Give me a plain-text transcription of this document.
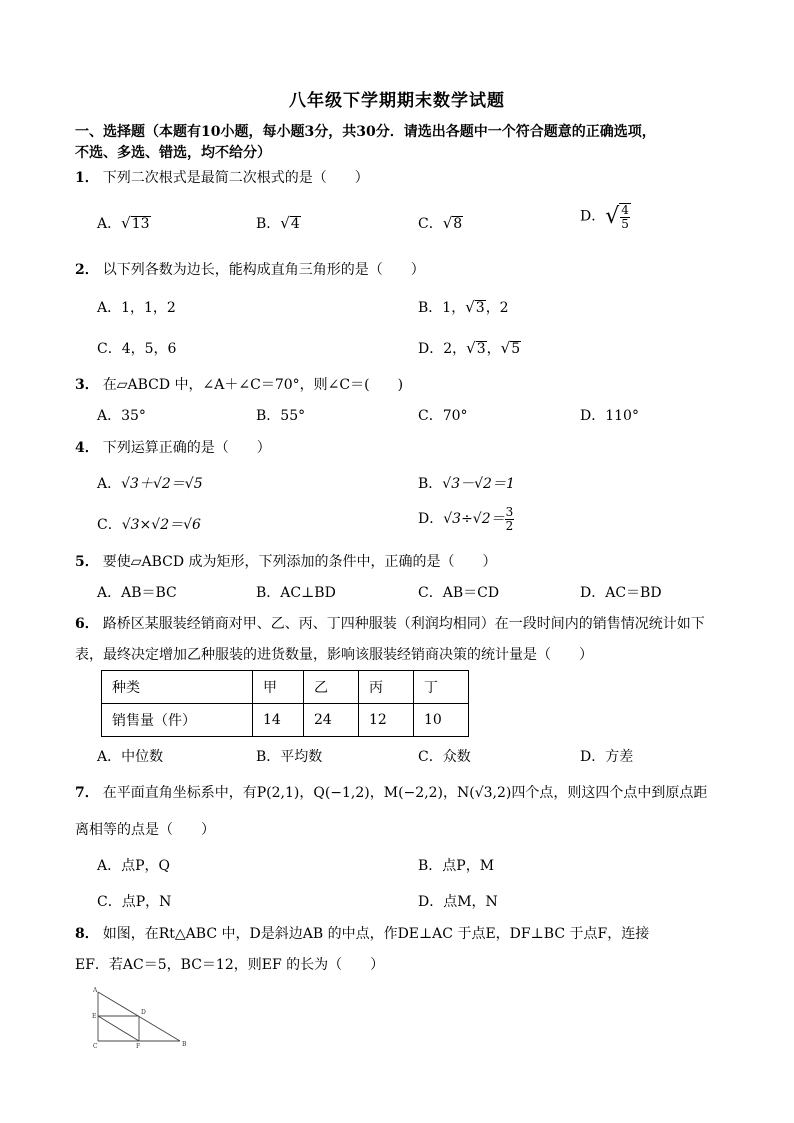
八年级下学期期末数学试题
一、选择题（本题有10小题，每小题3分，共30分．请选出各题中一个符合题意的正确选项，
不选、多选、错选，均不给分）
1． 下列二次根式是最简二次根式的是（　　）
A．√13	B．√4	C．√8	D．√ $\frac{4}{5}$
2． 以下列各数为边长，能构成直角三角形的是（　　）
A．1，1，2	B．1，√3，2
C．4，5，6	D．2，√3，√5
3． 在▱ABCD 中，∠A＋∠C＝70°，则∠C＝(　　)
A．35°	B．55°	C．70°	D．110°
4． 下列运算正确的是（　　）
A．√3＋√2＝√5	B．√3－√2＝1
C．√3×√2＝√6	D．$√3\div√2= \frac{3}{2}$
5． 要使▱ABCD 成为矩形，下列添加的条件中，正确的是（　　）
A．AB＝BC	B．AC⊥BD	C．AB＝CD	D．AC＝BD
6． 路桥区某服装经销商对甲、乙、丙、丁四种服装（利润均相同）在一段时间内的销售情况统计如下
表，最终决定增加乙种服装的进货数量，影响该服装经销商决策的统计量是（　　）
种类	甲	乙	丙	丁
销售量（件）	14	24	12	10
A．中位数	B．平均数	C．众数	D．方差
7． 在平面直角坐标系中，有P(2,1)，Q(−1,2)，M(−2,2)，N(√3,2)四个点，则这四个点中到原点距
离相等的点是（　　）
A．点P，Q	B．点P，M
C．点P，N	D．点M，N
8． 如图，在Rt△ABC 中，D是斜边AB 的中点，作DE⊥AC 于点E，DF⊥BC 于点F，连接
EF．若AC＝5，BC＝12，则EF 的长为（　　）
A
E
D
C	F	B
